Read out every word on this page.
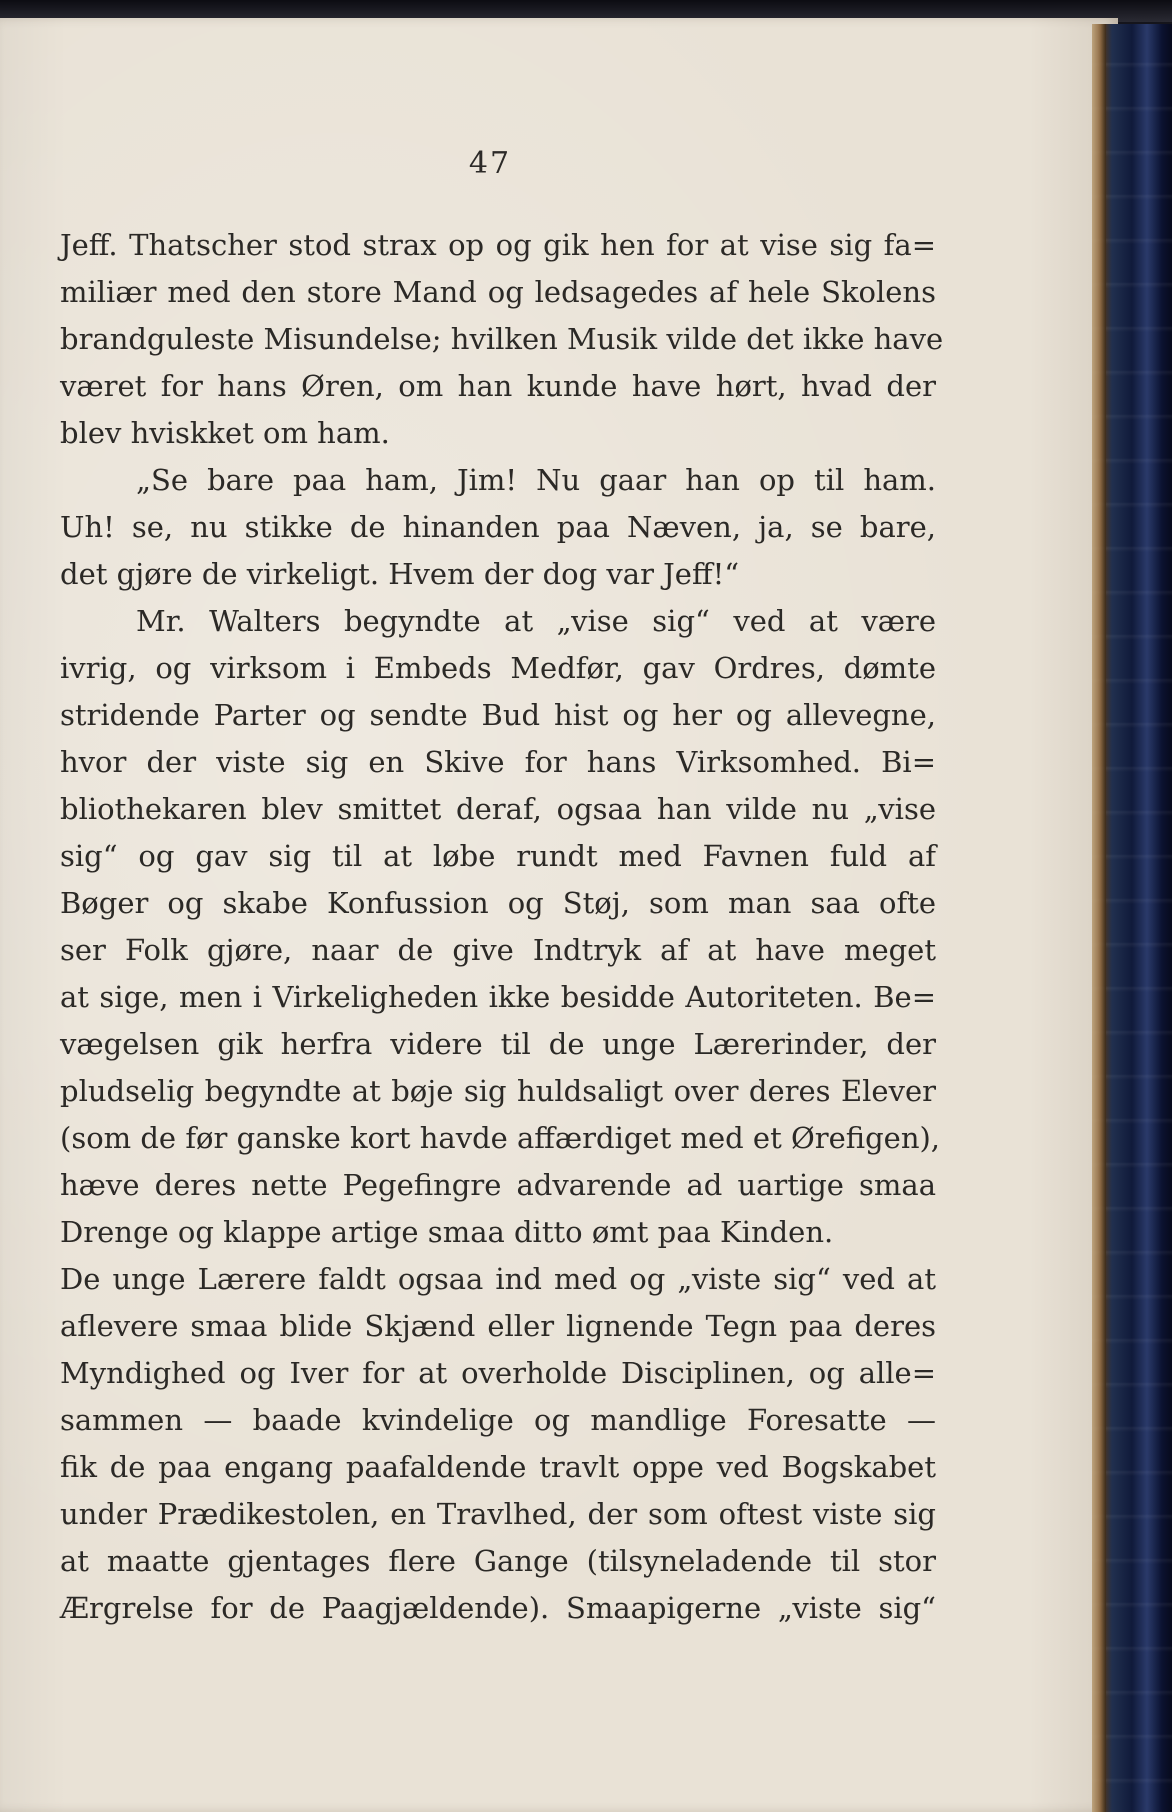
47
Jeff. Thatscher stod strax op og gik hen for at vise sig fa=
miliær med den store Mand og ledsagedes af hele Skolens
brandguleste Misundelse; hvilken Musik vilde det ikke have
været for hans Øren, om han kunde have hørt, hvad der
blev hviskket om ham.
„Se bare paa ham, Jim! Nu gaar han op til ham.
Uh! se, nu stikke de hinanden paa Næven, ja, se bare,
det gjøre de virkeligt. Hvem der dog var Jeff!“
Mr. Walters begyndte at „vise sig“ ved at være
ivrig, og virksom i Embeds Medfør, gav Ordres, dømte
stridende Parter og sendte Bud hist og her og allevegne,
hvor der viste sig en Skive for hans Virksomhed. Bi=
bliothekaren blev smittet deraf, ogsaa han vilde nu „vise
sig“ og gav sig til at løbe rundt med Favnen fuld af
Bøger og skabe Konfussion og Støj, som man saa ofte
ser Folk gjøre, naar de give Indtryk af at have meget
at sige, men i Virkeligheden ikke besidde Autoriteten. Be=
vægelsen gik herfra videre til de unge Lærerinder, der
pludselig begyndte at bøje sig huldsaligt over deres Elever
(som de før ganske kort havde affærdiget med et Ørefigen),
hæve deres nette Pegefingre advarende ad uartige smaa
Drenge og klappe artige smaa ditto ømt paa Kinden.
De unge Lærere faldt ogsaa ind med og „viste sig“ ved at
aflevere smaa blide Skjænd eller lignende Tegn paa deres
Myndighed og Iver for at overholde Disciplinen, og alle=
sammen — baade kvindelige og mandlige Foresatte —
fik de paa engang paafaldende travlt oppe ved Bogskabet
under Prædikestolen, en Travlhed, der som oftest viste sig
at maatte gjentages flere Gange (tilsyneladende til stor
Ærgrelse for de Paagjældende). Smaapigerne „viste sig“
